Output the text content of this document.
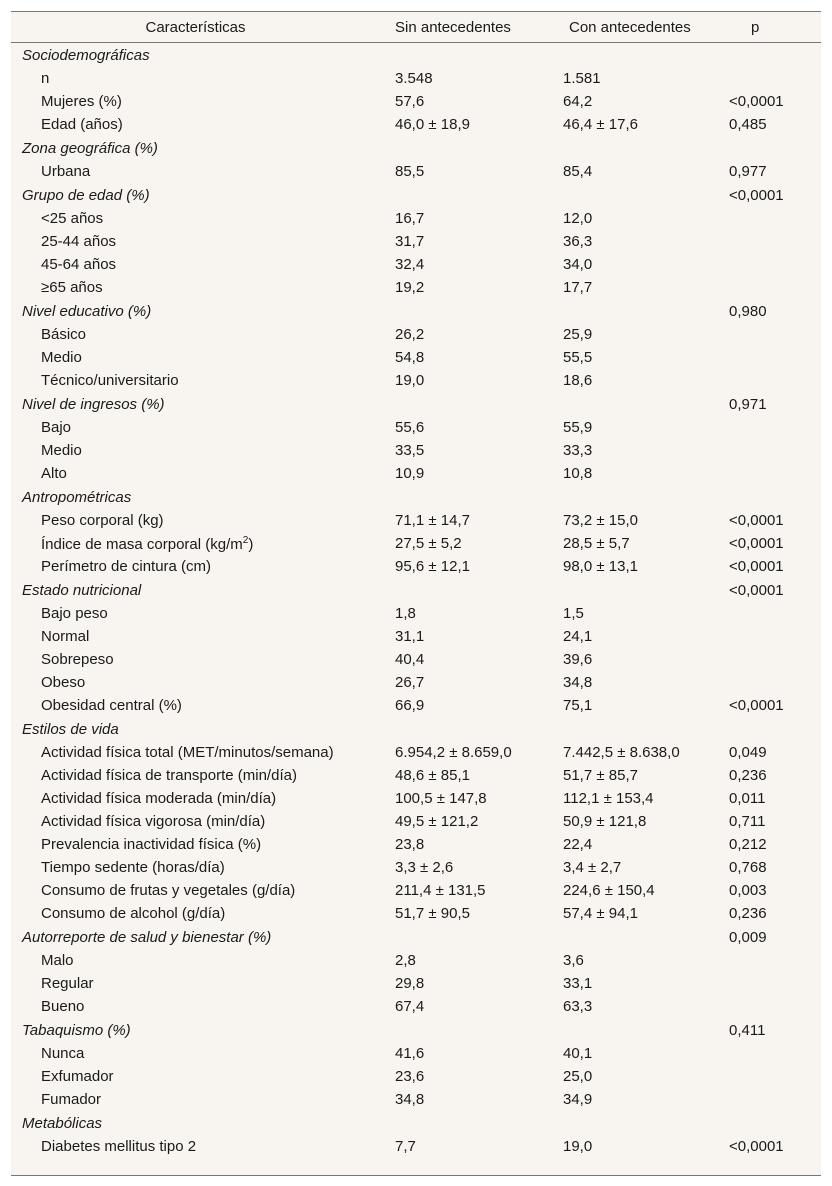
Características	Sin antecedentes	Con antecedentes	p
Sociodemográficas			
n	3.548	1.581	
Mujeres (%)	57,6	64,2	<0,0001
Edad (años)	46,0 ± 18,9	46,4 ± 17,6	0,485
Zona geográfica (%)			
Urbana	85,5	85,4	0,977
Grupo de edad (%)			<0,0001
<25 años	16,7	12,0	
25-44 años	31,7	36,3	
45-64 años	32,4	34,0	
≥65 años	19,2	17,7	
Nivel educativo (%)			0,980
Básico	26,2	25,9	
Medio	54,8	55,5	
Técnico/universitario	19,0	18,6	
Nivel de ingresos (%)			0,971
Bajo	55,6	55,9	
Medio	33,5	33,3	
Alto	10,9	10,8	
Antropométricas			
Peso corporal (kg)	71,1 ± 14,7	73,2 ± 15,0	<0,0001
Índice de masa corporal $(kg/m^2)$	27,5 ± 5,2	28,5 ± 5,7	<0,0001
Perímetro de cintura (cm)	95,6 ± 12,1	98,0 ± 13,1	<0,0001
Estado nutricional			<0,0001
Bajo peso	1,8	1,5	
Normal	31,1	24,1	
Sobrepeso	40,4	39,6	
Obeso	26,7	34,8	
Obesidad central (%)	66,9	75,1	<0,0001
Estilos de vida			
Actividad física total (MET/minutos/semana)	6.954,2 ± 8.659,0	7.442,5 ± 8.638,0	0,049
Actividad física de transporte (min/día)	48,6 ± 85,1	51,7 ± 85,7	0,236
Actividad física moderada (min/día)	100,5 ± 147,8	112,1 ± 153,4	0,011
Actividad física vigorosa (min/día)	49,5 ± 121,2	50,9 ± 121,8	0,711
Prevalencia inactividad física (%)	23,8	22,4	0,212
Tiempo sedente (horas/día)	3,3 ± 2,6	3,4 ± 2,7	0,768
Consumo de frutas y vegetales (g/día)	211,4 ± 131,5	224,6 ± 150,4	0,003
Consumo de alcohol (g/día)	51,7 ± 90,5	57,4 ± 94,1	0,236
Autorreporte de salud y bienestar (%)			0,009
Malo	2,8	3,6	
Regular	29,8	33,1	
Bueno	67,4	63,3	
Tabaquismo (%)			0,411
Nunca	41,6	40,1	
Exfumador	23,6	25,0	
Fumador	34,8	34,9	
Metabólicas			
Diabetes mellitus tipo 2	7,7	19,0	<0,0001
